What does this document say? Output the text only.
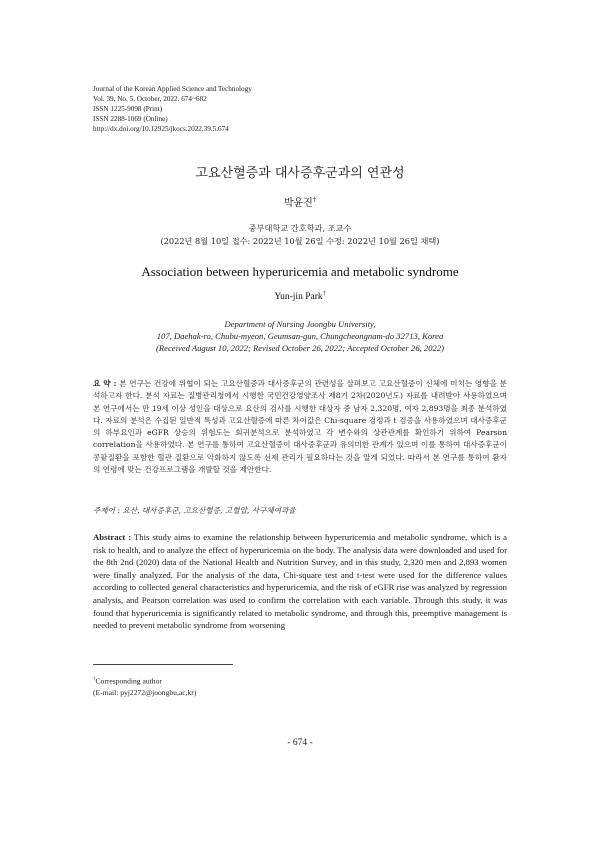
Journal of the Korean Applied Science and Technology
Vol. 39, No. 5. October, 2022. 674~682
ISSN 1225-9098 (Print)
ISSN 2288-1069 (Online)
http://dx.doi.org/10.12925/jkocs.2022.39.5.674
고요산혈증과 대사증후군과의 연관성
박윤진†
중부대학교 간호학과, 조교수
(2022년 8월 10일 접수: 2022년 10월 26일 수정: 2022년 10월 26일 채택)
Association between hyperuricemia and metabolic syndrome
Yun-jin Park†
Department of Nursing Joongbu University,
107, Daehak-ro, Chubu-myeon, Geumsan-gun, Chungcheongnam-do 32713, Korea
(Received August 10, 2022; Revised October 26, 2022; Accepted October 26, 2022)
요 약 : 본 연구는 건강에 위협이 되는 고요산혈증과 대사증후군의 관련성을 살펴보고 고요산혈증이 신체에 미치는 영향을 분석하고자 한다. 분석 자료는 질병관리청에서 시행한 국민건강영양조사 제8기 2차(2020년도) 자료를 내려받아 사용하였으며 본 연구에서는 만 19세 이상 성인을 대상으로 요산의 검사를 시행한 대상자 중 남자 2,320명, 여자 2,893명을 최종 분석하였다. 자료의 분석은 수집된 일반적 특성과 고요산혈증에 따른 차이값은 Chi-square 검정과 t 검증을 사용하였으며 대사증후군의 하부요인과 eGFR 상승의 위험도는 회귀분석으로 분석하였고 각 변수와의 상관관계를 확인하기 위하여 Pearson correlation을 사용하였다. 본 연구를 통하여 고요산혈증이 대사증후군과 유의미한 관계가 있으며 이를 통하여 대사증후군이 콩팥질환을 포함한 혈관 질환으로 악화하지 않도록 선제 관리가 필요하다는 것을 알게 되었다. 따라서 본 연구를 통하여 환자의 연령에 맞는 건강프로그램을 개발할 것을 제안한다.
주제어 : 요산, 대사증후군, 고요산혈증, 고혈압, 사구체여과율
Abstract : This study aims to examine the relationship between hyperuricemia and metabolic syndrome, which is a risk to health, and to analyze the effect of hyperuricemia on the body. The analysis data were downloaded and used for the 8th 2nd (2020) data of the National Health and Nutrition Survey, and in this study, 2,320 men and 2,893 women were finally analyzed. For the analysis of the data, Chi-square test and t-test were used for the difference values according to collected general characteristics and hyperuricemia, and the risk of eGFR rise was analyzed by regression analysis, and Pearson correlation was used to confirm the correlation with each variable. Through this study, it was found that hyperuricemia is significantly related to metabolic syndrome, and through this, preemptive management is needed to prevent metabolic syndrome from worsening
†Corresponding author
(E-mail: pyj2272@joongbu,ac,kr)
- 674 -
